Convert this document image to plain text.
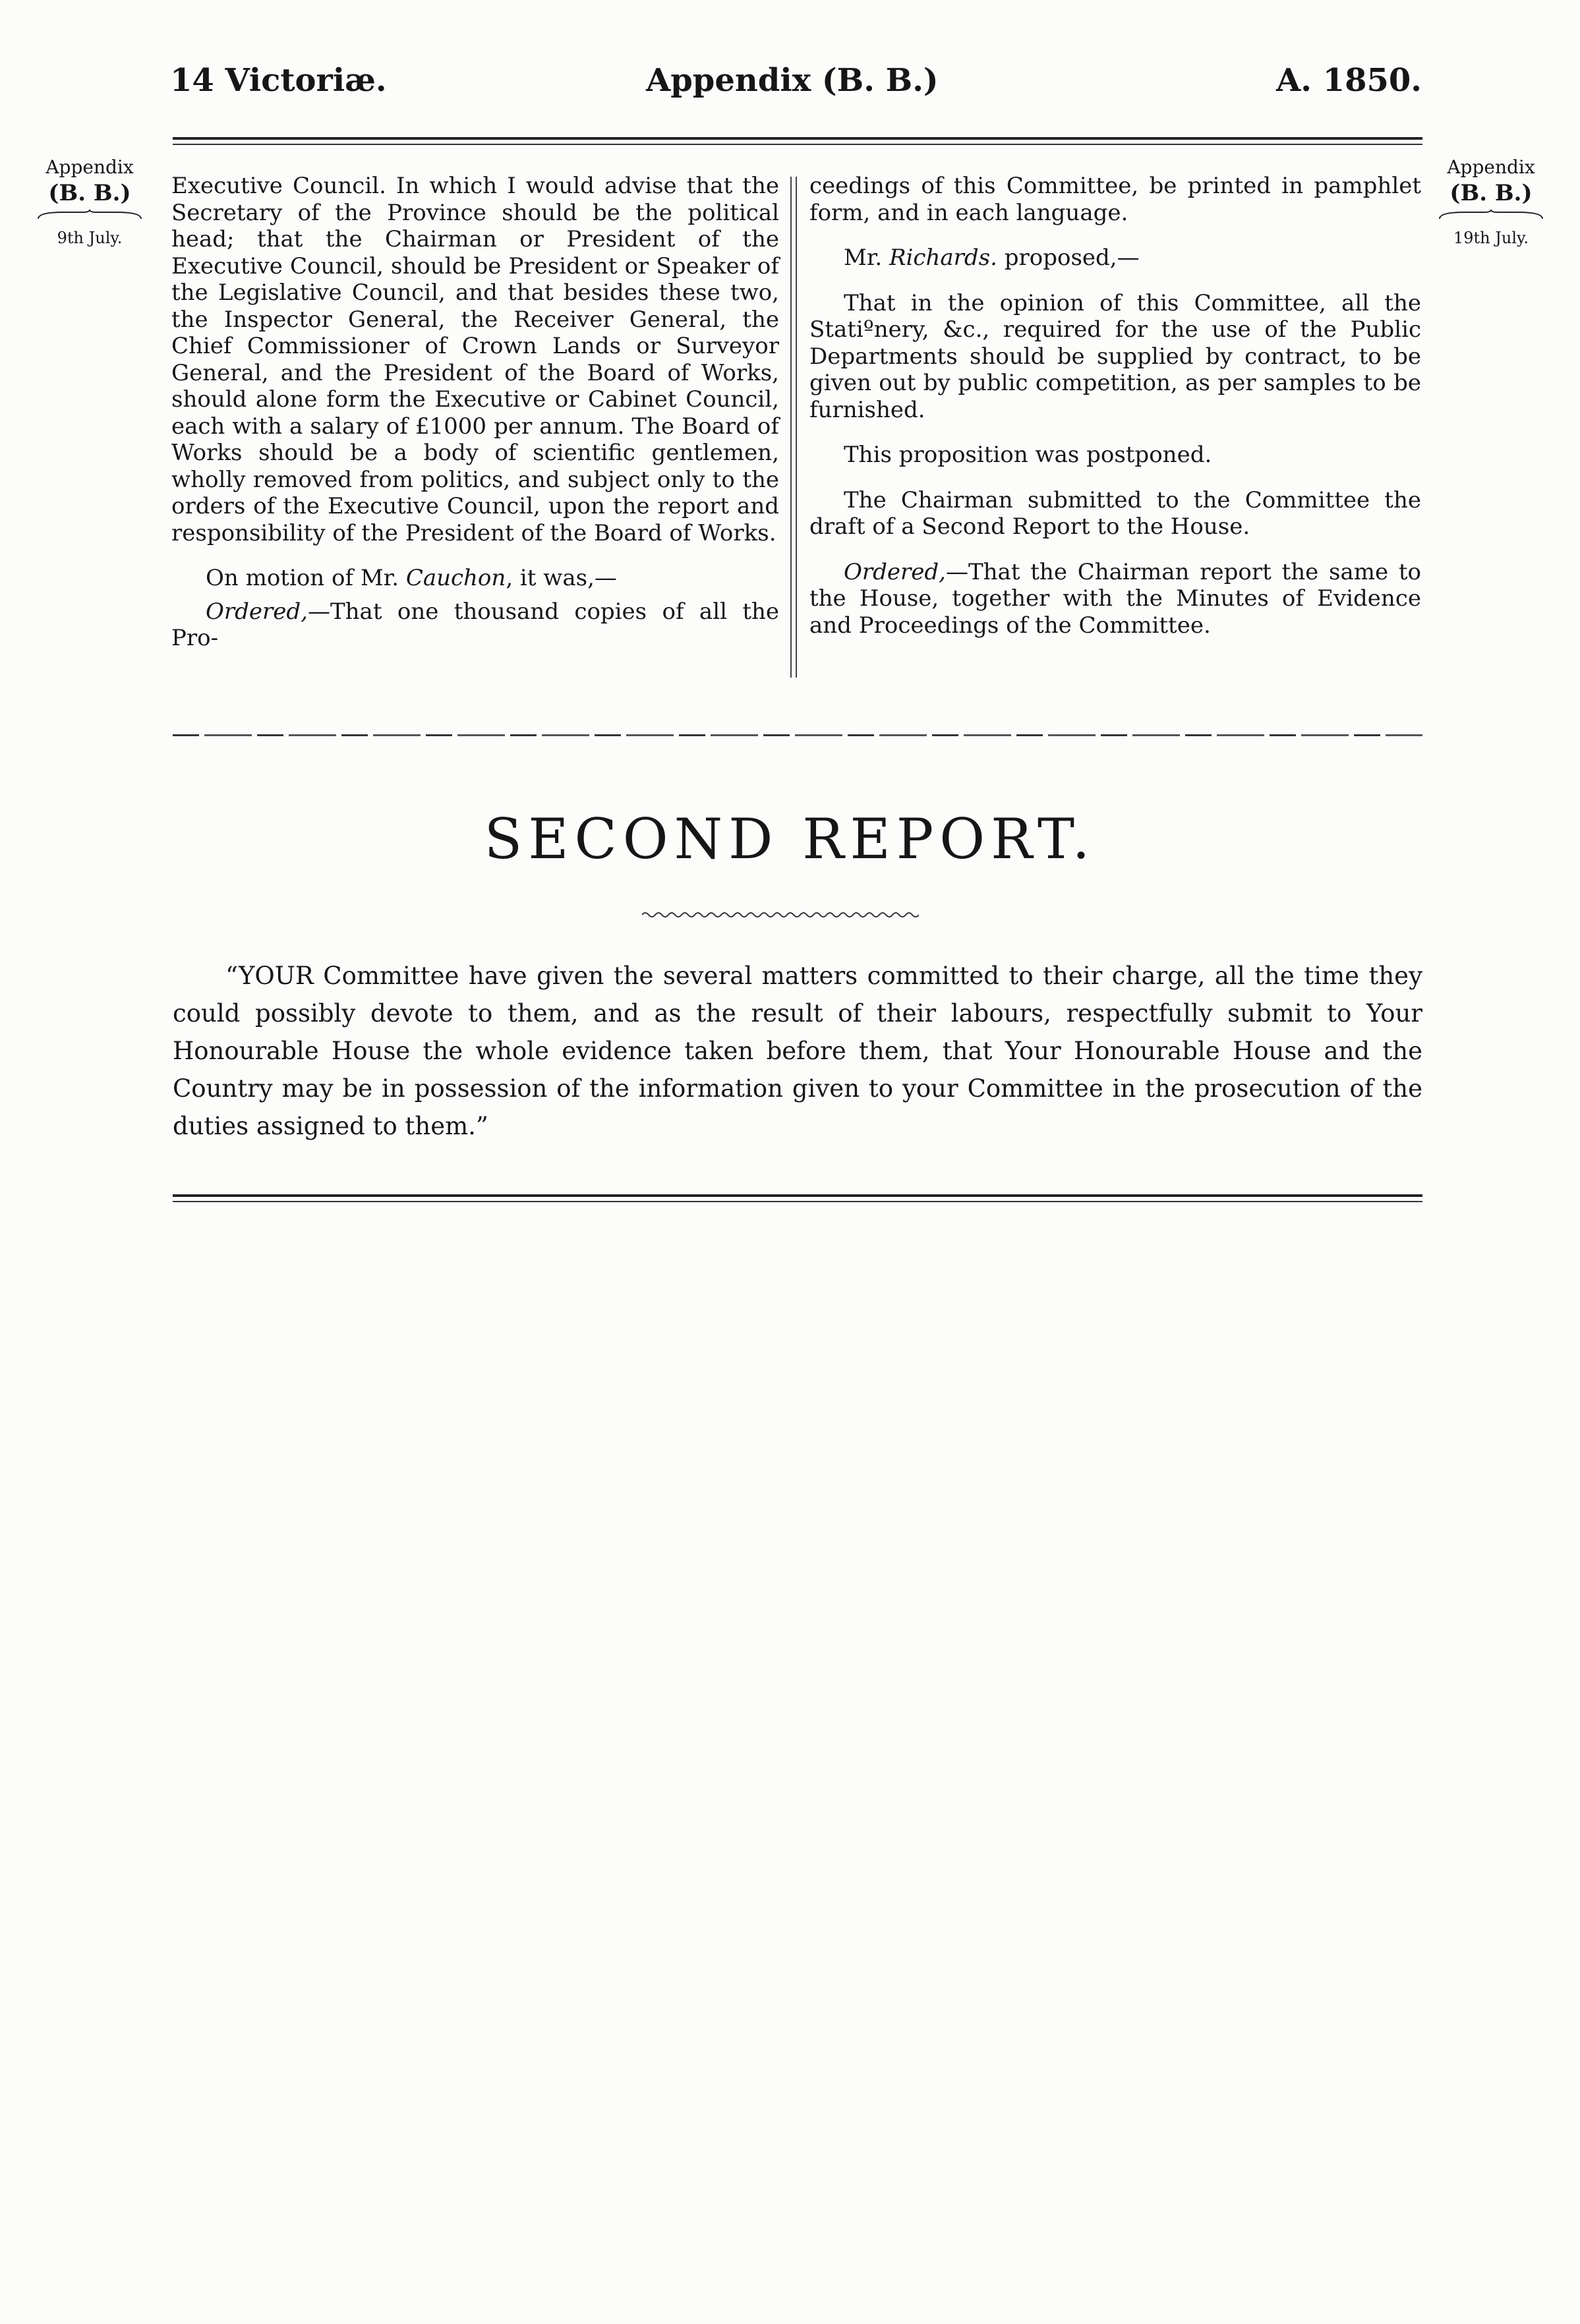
14 Victoriæ.	Appendix (B. B.)	A. 1850.
Appendix
(B. B.)
9th July.
Appendix
(B. B.)
19th July.

Executive Council. In which I would advise that the Secretary of the Province should be the political head; that the Chairman or President of the Executive Council, should be President or Speaker of the Legislative Council, and that besides these two, the Inspector General, the Receiver General, the Chief Commissioner of Crown Lands or Surveyor General, and the President of the Board of Works, should alone form the Executive or Cabinet Council, each with a salary of £1000 per annum. The Board of Works should be a body of scientific gentlemen, wholly removed from politics, and subject only to the orders of the Executive Council, upon the report and responsibility of the President of the Board of Works.

On motion of Mr. Cauchon, it was,—

Ordered,—That one thousand copies of all the Pro-

ceedings of this Committee, be printed in pamphlet form, and in each language.

Mr. Richards. proposed,—

That in the opinion of this Committee, all the Statiºnery, &c., required for the use of the Public Departments should be supplied by contract, to be given out by public competition, as per samples to be furnished.

This proposition was postponed.

The Chairman submitted to the Committee the draft of a Second Report to the House.

Ordered,—That the Chairman report the same to the House, together with the Minutes of Evidence and Proceedings of the Committee.

SECOND REPORT.

“YOUR Committee have given the several matters committed to their charge, all the time they could possibly devote to them, and as the result of their labours, respectfully submit to Your Honourable House the whole evidence taken before them, that Your Honourable House and the Country may be in possession of the information given to your Committee in the prosecution of the duties assigned to them.”
